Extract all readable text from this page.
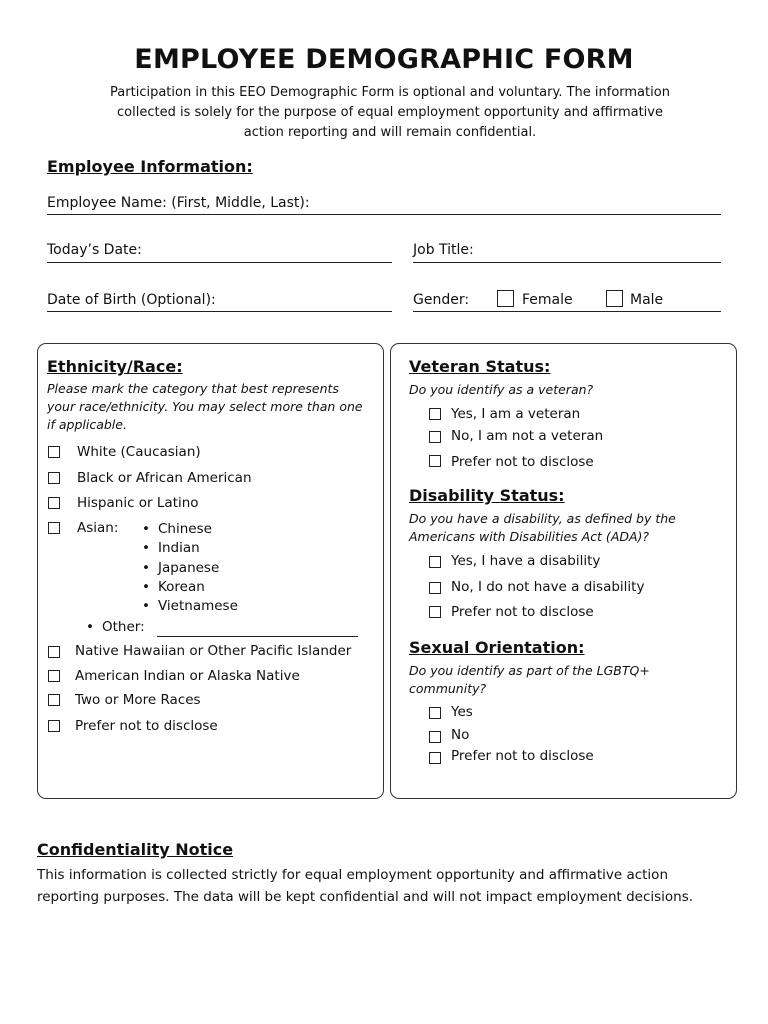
EMPLOYEE DEMOGRAPHIC FORM
Participation in this EEO Demographic Form is optional and voluntary. The information collected is solely for the purpose of equal employment opportunity and affirmative action reporting and will remain confidential.
Employee Information:
Employee Name: (First, Middle, Last):
Today’s Date:	Job Title:
Date of Birth (Optional):	Gender:	Female	Male
Ethnicity/Race:
Please mark the category that best represents your race/ethnicity. You may select more than one if applicable.
White (Caucasian)
Black or African American
Hispanic or Latino
Asian:
•	Chinese
• Indian
• Japanese
• Korean
• Vietnamese
• Other:
Native Hawaiian or Other Pacific Islander
American Indian or Alaska Native
Two or More Races
Prefer not to disclose
Veteran Status:
Do you identify as a veteran?
Yes, I am a veteran
No, I am not a veteran
Prefer not to disclose
Disability Status:
Do you have a disability, as defined by the Americans with Disabilities Act (ADA)?
Yes, I have a disability
No, I do not have a disability
Prefer not to disclose
Sexual Orientation:
Do you identify as part of the LGBTQ+ community?
Yes
No
Prefer not to disclose
Confidentiality Notice
This information is collected strictly for equal employment opportunity and affirmative action reporting purposes. The data will be kept confidential and will not impact employment decisions.
